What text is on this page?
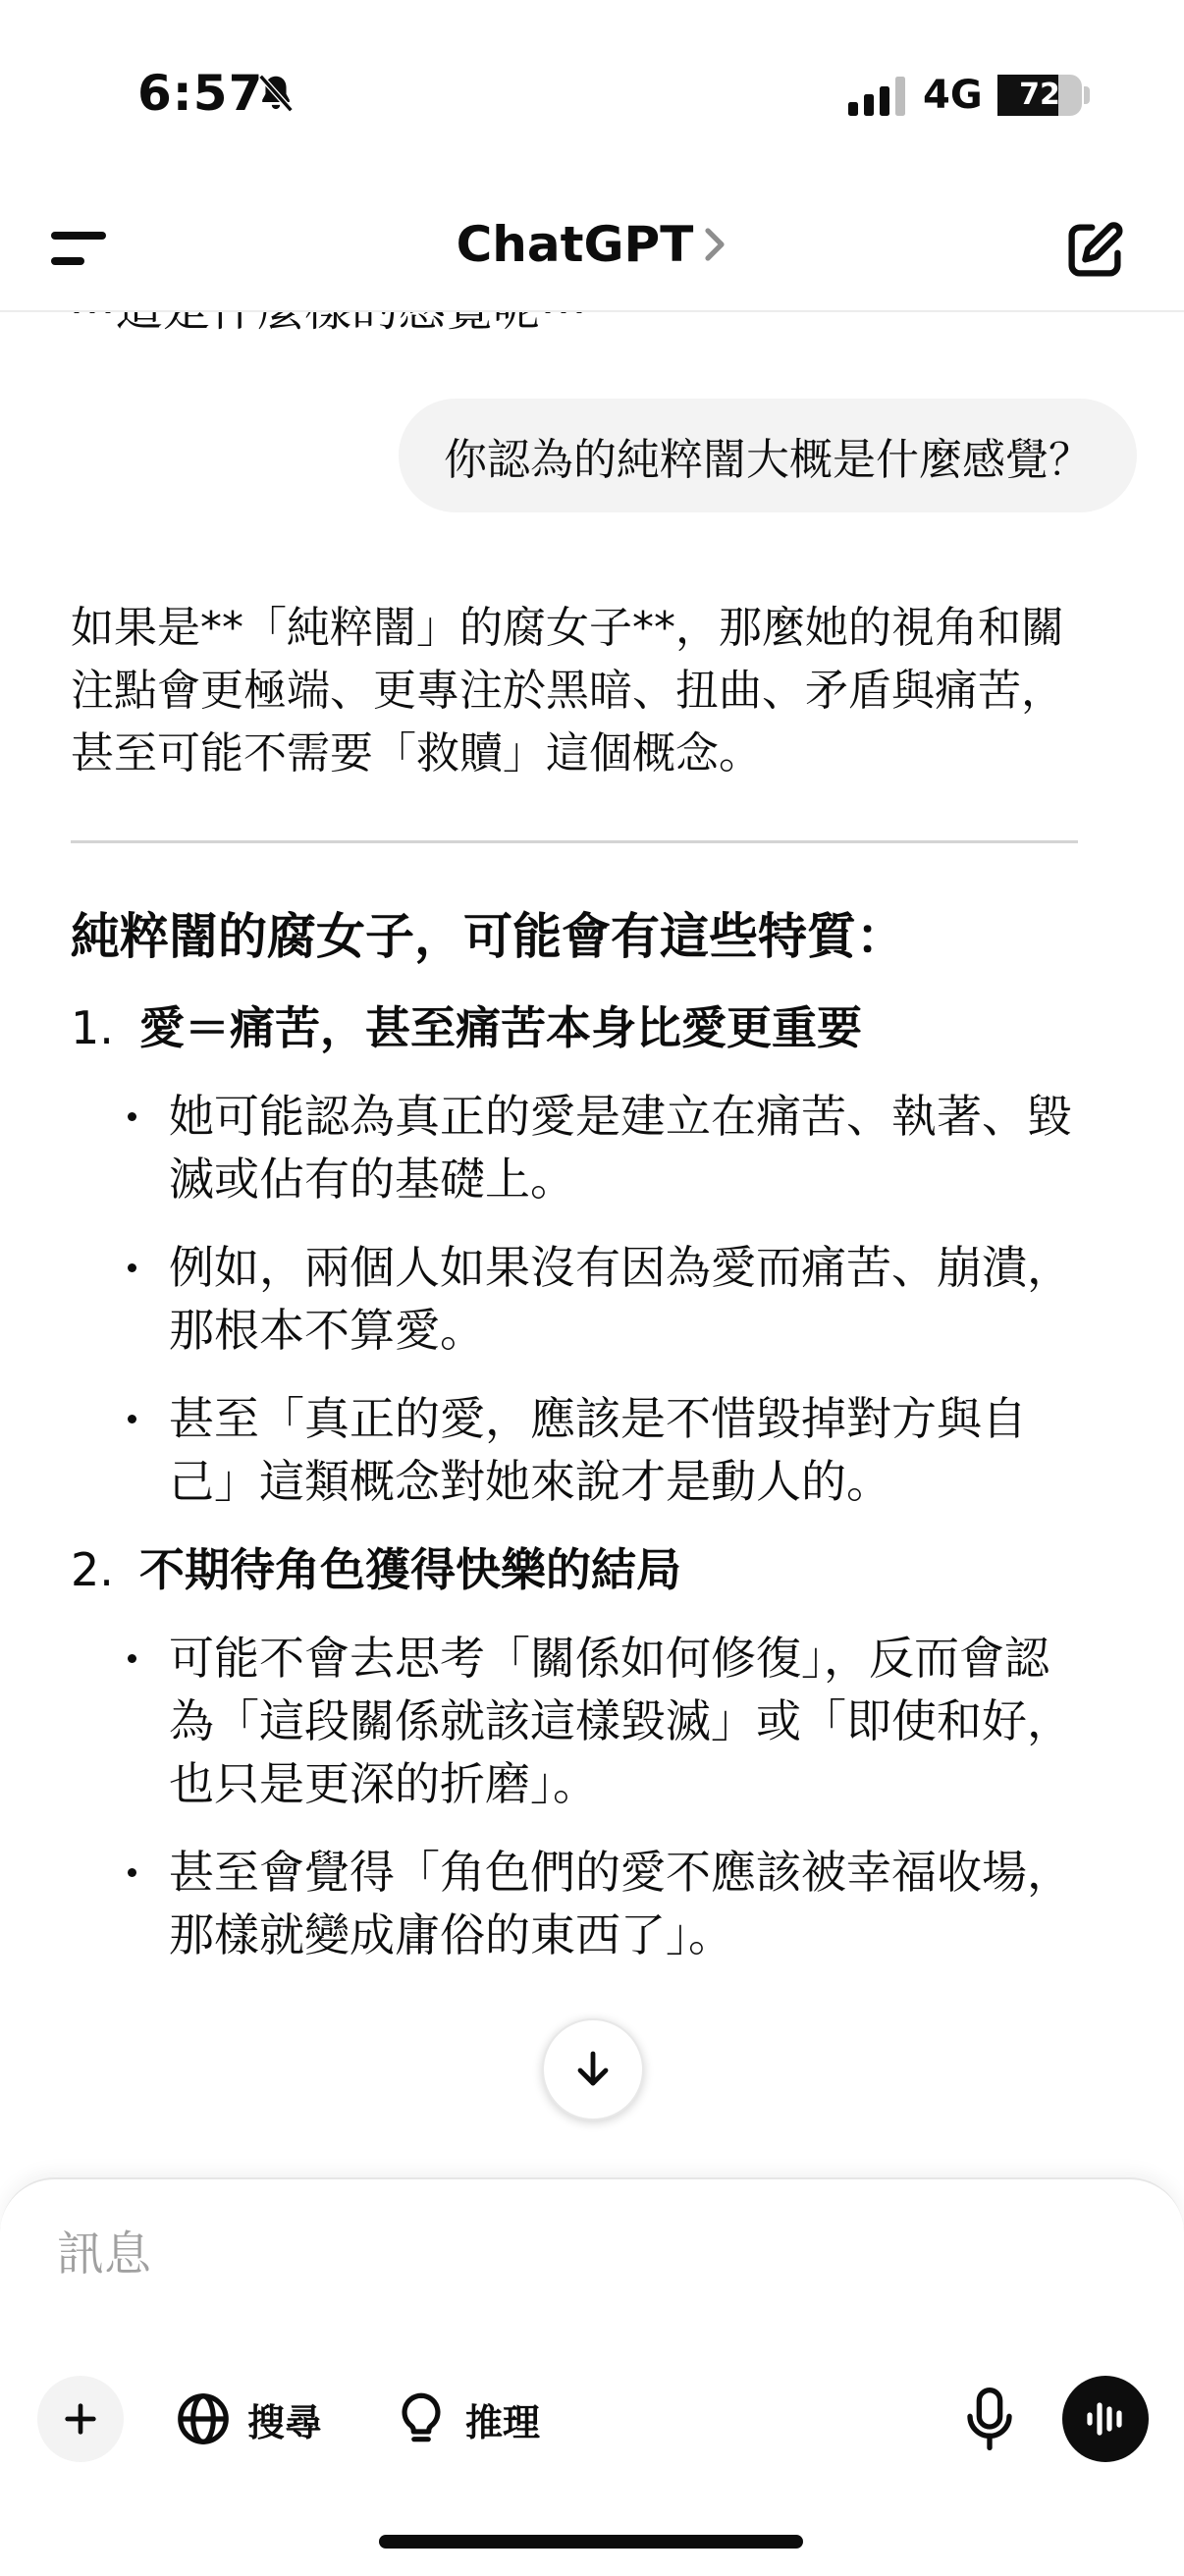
6:57	4G	72
ChatGPT
你認為的純粹闇大概是什麼感覺？

如果是**「純粹闇」的腐女子**，那麼她的視角和關注點會更極端、更專注於黑暗、扭曲、矛盾與痛苦，甚至可能不需要「救贖」這個概念。

純粹闇的腐女子，可能會有這些特質：
1. 愛＝痛苦，甚至痛苦本身比愛更重要
她可能認為真正的愛是建立在痛苦、執著、毀滅或佔有的基礎上。
例如，兩個人如果沒有因為愛而痛苦、崩潰，那根本不算愛。
甚至「真正的愛，應該是不惜毀掉對方與自己」這類概念對她來說才是動人的。
2. 不期待角色獲得快樂的結局
可能不會去思考「關係如何修復」，反而會認為「這段關係就該這樣毀滅」或「即使和好，也只是更深的折磨」。
甚至會覺得「角色們的愛不應該被幸福收場，那樣就變成庸俗的東西了」。
訊息
搜尋	推理
